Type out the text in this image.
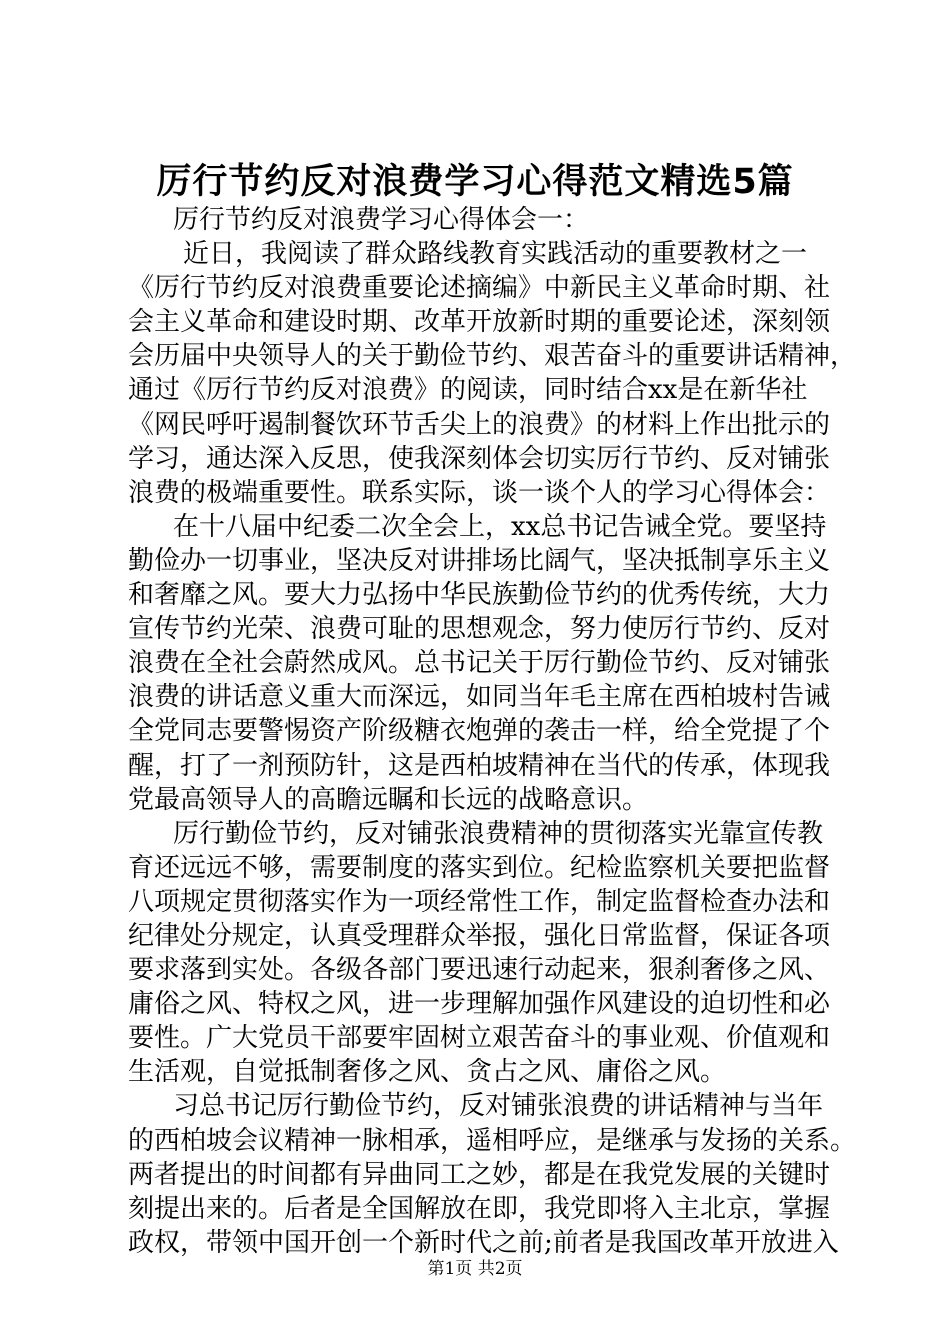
厉行节约反对浪费学习心得范文精选5篇
厉行节约反对浪费学习心得体会一：
近日，我阅读了群众路线教育实践活动的重要教材之一
《厉行节约反对浪费重要论述摘编》中新民主义革命时期、社
会主义革命和建设时期、改革开放新时期的重要论述，深刻领
会历届中央领导人的关于勤俭节约、艰苦奋斗的重要讲话精神，
通过《厉行节约反对浪费》的阅读，同时结合xx是在新华社
《网民呼吁遏制餐饮环节舌尖上的浪费》的材料上作出批示的
学习，通达深入反思，使我深刻体会切实厉行节约、反对铺张
浪费的极端重要性。联系实际，谈一谈个人的学习心得体会：
在十八届中纪委二次全会上，xx总书记告诫全党。要坚持
勤俭办一切事业，坚决反对讲排场比阔气，坚决抵制享乐主义
和奢靡之风。要大力弘扬中华民族勤俭节约的优秀传统，大力
宣传节约光荣、浪费可耻的思想观念，努力使厉行节约、反对
浪费在全社会蔚然成风。总书记关于厉行勤俭节约、反对铺张
浪费的讲话意义重大而深远，如同当年毛主席在西柏坡村告诫
全党同志要警惕资产阶级糖衣炮弹的袭击一样，给全党提了个
醒，打了一剂预防针，这是西柏坡精神在当代的传承，体现我
党最高领导人的高瞻远瞩和长远的战略意识。
厉行勤俭节约，反对铺张浪费精神的贯彻落实光靠宣传教
育还远远不够，需要制度的落实到位。纪检监察机关要把监督
八项规定贯彻落实作为一项经常性工作，制定监督检查办法和
纪律处分规定，认真受理群众举报，强化日常监督，保证各项
要求落到实处。各级各部门要迅速行动起来，狠刹奢侈之风、
庸俗之风、特权之风，进一步理解加强作风建设的迫切性和必
要性。广大党员干部要牢固树立艰苦奋斗的事业观、价值观和
生活观，自觉抵制奢侈之风、贪占之风、庸俗之风。
习总书记厉行勤俭节约，反对铺张浪费的讲话精神与当年
的西柏坡会议精神一脉相承，遥相呼应，是继承与发扬的关系。
两者提出的时间都有异曲同工之妙，都是在我党发展的关键时
刻提出来的。后者是全国解放在即，我党即将入主北京，掌握
政权，带领中国开创一个新时代之前;前者是我国改革开放进入
第1页 共2页
